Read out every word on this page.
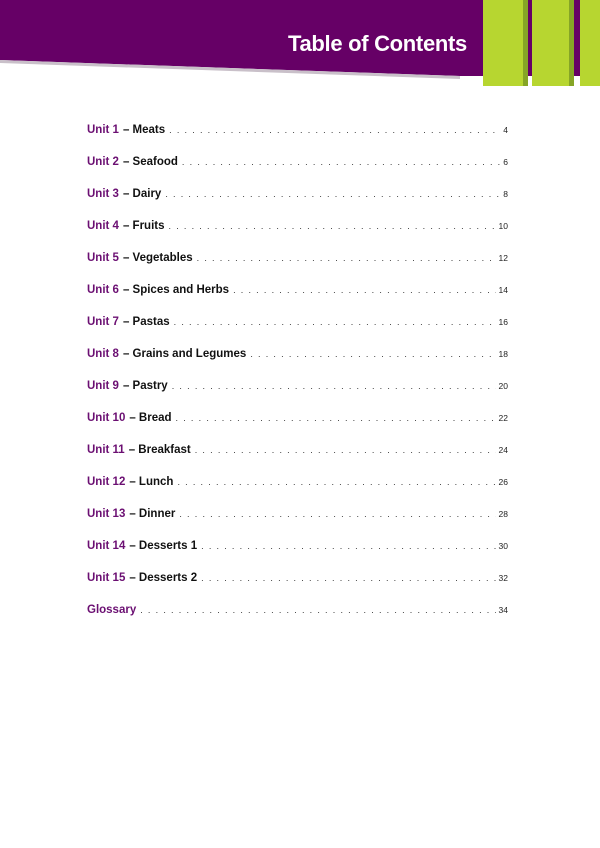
Table of Contents
Unit 1 – Meats . . .	4
Unit 2 – Seafood . . .	6
Unit 3 – Dairy . . .	8
Unit 4 – Fruits . . .	10
Unit 5 – Vegetables . . .	12
Unit 6 – Spices and Herbs . . .	14
Unit 7 – Pastas . . .	16
Unit 8 – Grains and Legumes . . .	18
Unit 9 – Pastry . . .	20
Unit 10 – Bread . . .	22
Unit 11 – Breakfast . . .	24
Unit 12 – Lunch . . .	26
Unit 13 – Dinner . . .	28
Unit 14 – Desserts 1 . . .	30
Unit 15 – Desserts 2 . . .	32
Glossary . . .	34
